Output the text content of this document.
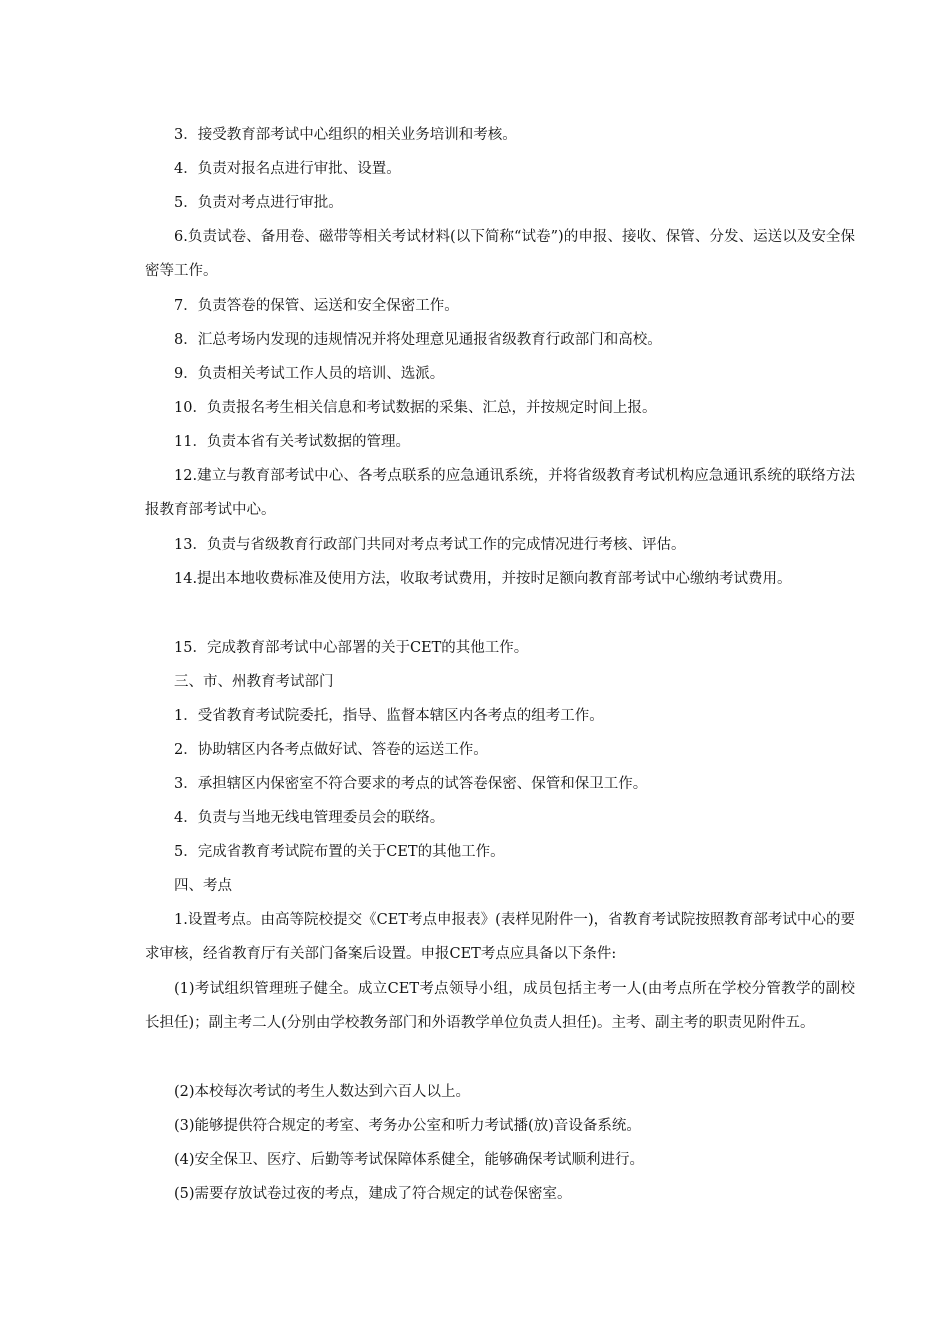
3．接受教育部考试中心组织的相关业务培训和考核。

4．负责对报名点进行审批、设置。

5．负责对考点进行审批。

6.负责试卷、备用卷、磁带等相关考试材料(以下简称“试卷”)的申报、接收、保管、分发、运送以及安全保密等工作。

7．负责答卷的保管、运送和安全保密工作。

8．汇总考场内发现的违规情况并将处理意见通报省级教育行政部门和高校。

9．负责相关考试工作人员的培训、选派。

10．负责报名考生相关信息和考试数据的采集、汇总，并按规定时间上报。

11．负责本省有关考试数据的管理。

12.建立与教育部考试中心、各考点联系的应急通讯系统，并将省级教育考试机构应急通讯系统的联络方法报教育部考试中心。

13．负责与省级教育行政部门共同对考点考试工作的完成情况进行考核、评估。

14.提出本地收费标准及使用方法，收取考试费用，并按时足额向教育部考试中心缴纳考试费用。

15．完成教育部考试中心部署的关于CET的其他工作。

三、市、州教育考试部门

1．受省教育考试院委托，指导、监督本辖区内各考点的组考工作。

2．协助辖区内各考点做好试、答卷的运送工作。

3．承担辖区内保密室不符合要求的考点的试答卷保密、保管和保卫工作。

4．负责与当地无线电管理委员会的联络。

5．完成省教育考试院布置的关于CET的其他工作。

四、考点

1.设置考点。由高等院校提交《CET考点申报表》(表样见附件一)，省教育考试院按照教育部考试中心的要求审核，经省教育厅有关部门备案后设置。申报CET考点应具备以下条件:

(1)考试组织管理班子健全。成立CET考点领导小组，成员包括主考一人(由考点所在学校分管教学的副校长担任)；副主考二人(分别由学校教务部门和外语教学单位负责人担任)。主考、副主考的职责见附件五。

(2)本校每次考试的考生人数达到六百人以上。

(3)能够提供符合规定的考室、考务办公室和听力考试播(放)音设备系统。

(4)安全保卫、医疗、后勤等考试保障体系健全，能够确保考试顺利进行。

(5)需要存放试卷过夜的考点，建成了符合规定的试卷保密室。
